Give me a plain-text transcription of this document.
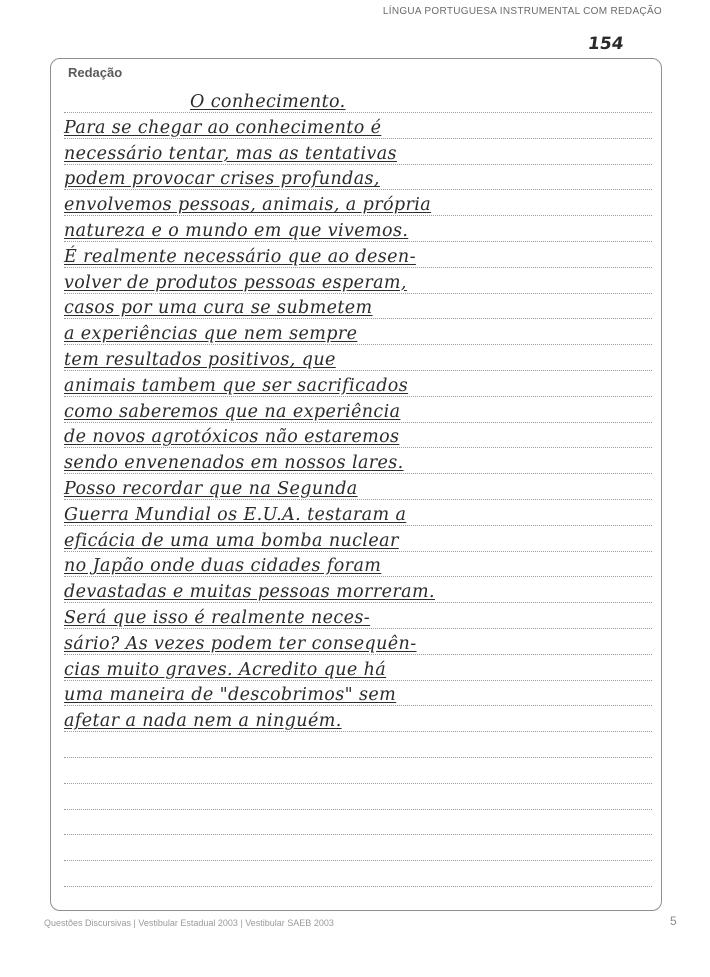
LÍNGUA PORTUGUESA INSTRUMENTAL COM REDAÇÃO
154
Redação
O conhecimento.
Para se chegar ao conhecimento é
necessário tentar, mas as tentativas
podem provocar crises profundas,
envolvemos pessoas, animais, a própria
natureza e o mundo em que vivemos.
É realmente necessário que ao desen-
volver de produtos pessoas esperam,
casos por uma cura se submetem
a experiências que nem sempre
tem resultados positivos, que
animais tambem que ser sacrificados
como saberemos que na experiência
de novos agrotóxicos não estaremos
sendo envenenados em nossos lares.
Posso recordar que na Segunda
Guerra Mundial os E.U.A. testaram a
eficácia de uma uma bomba nuclear
no Japão onde duas cidades foram
devastadas e muitas pessoas morreram.
Será que isso é realmente neces-
sário? As vezes podem ter consequên-
cias muito graves. Acredito que há
uma maneira de "descobrimos" sem
afetar a nada nem a ninguém.
Questões Discursivas | Vestibular Estadual 2003 | Vestibular SAEB 2003	5
